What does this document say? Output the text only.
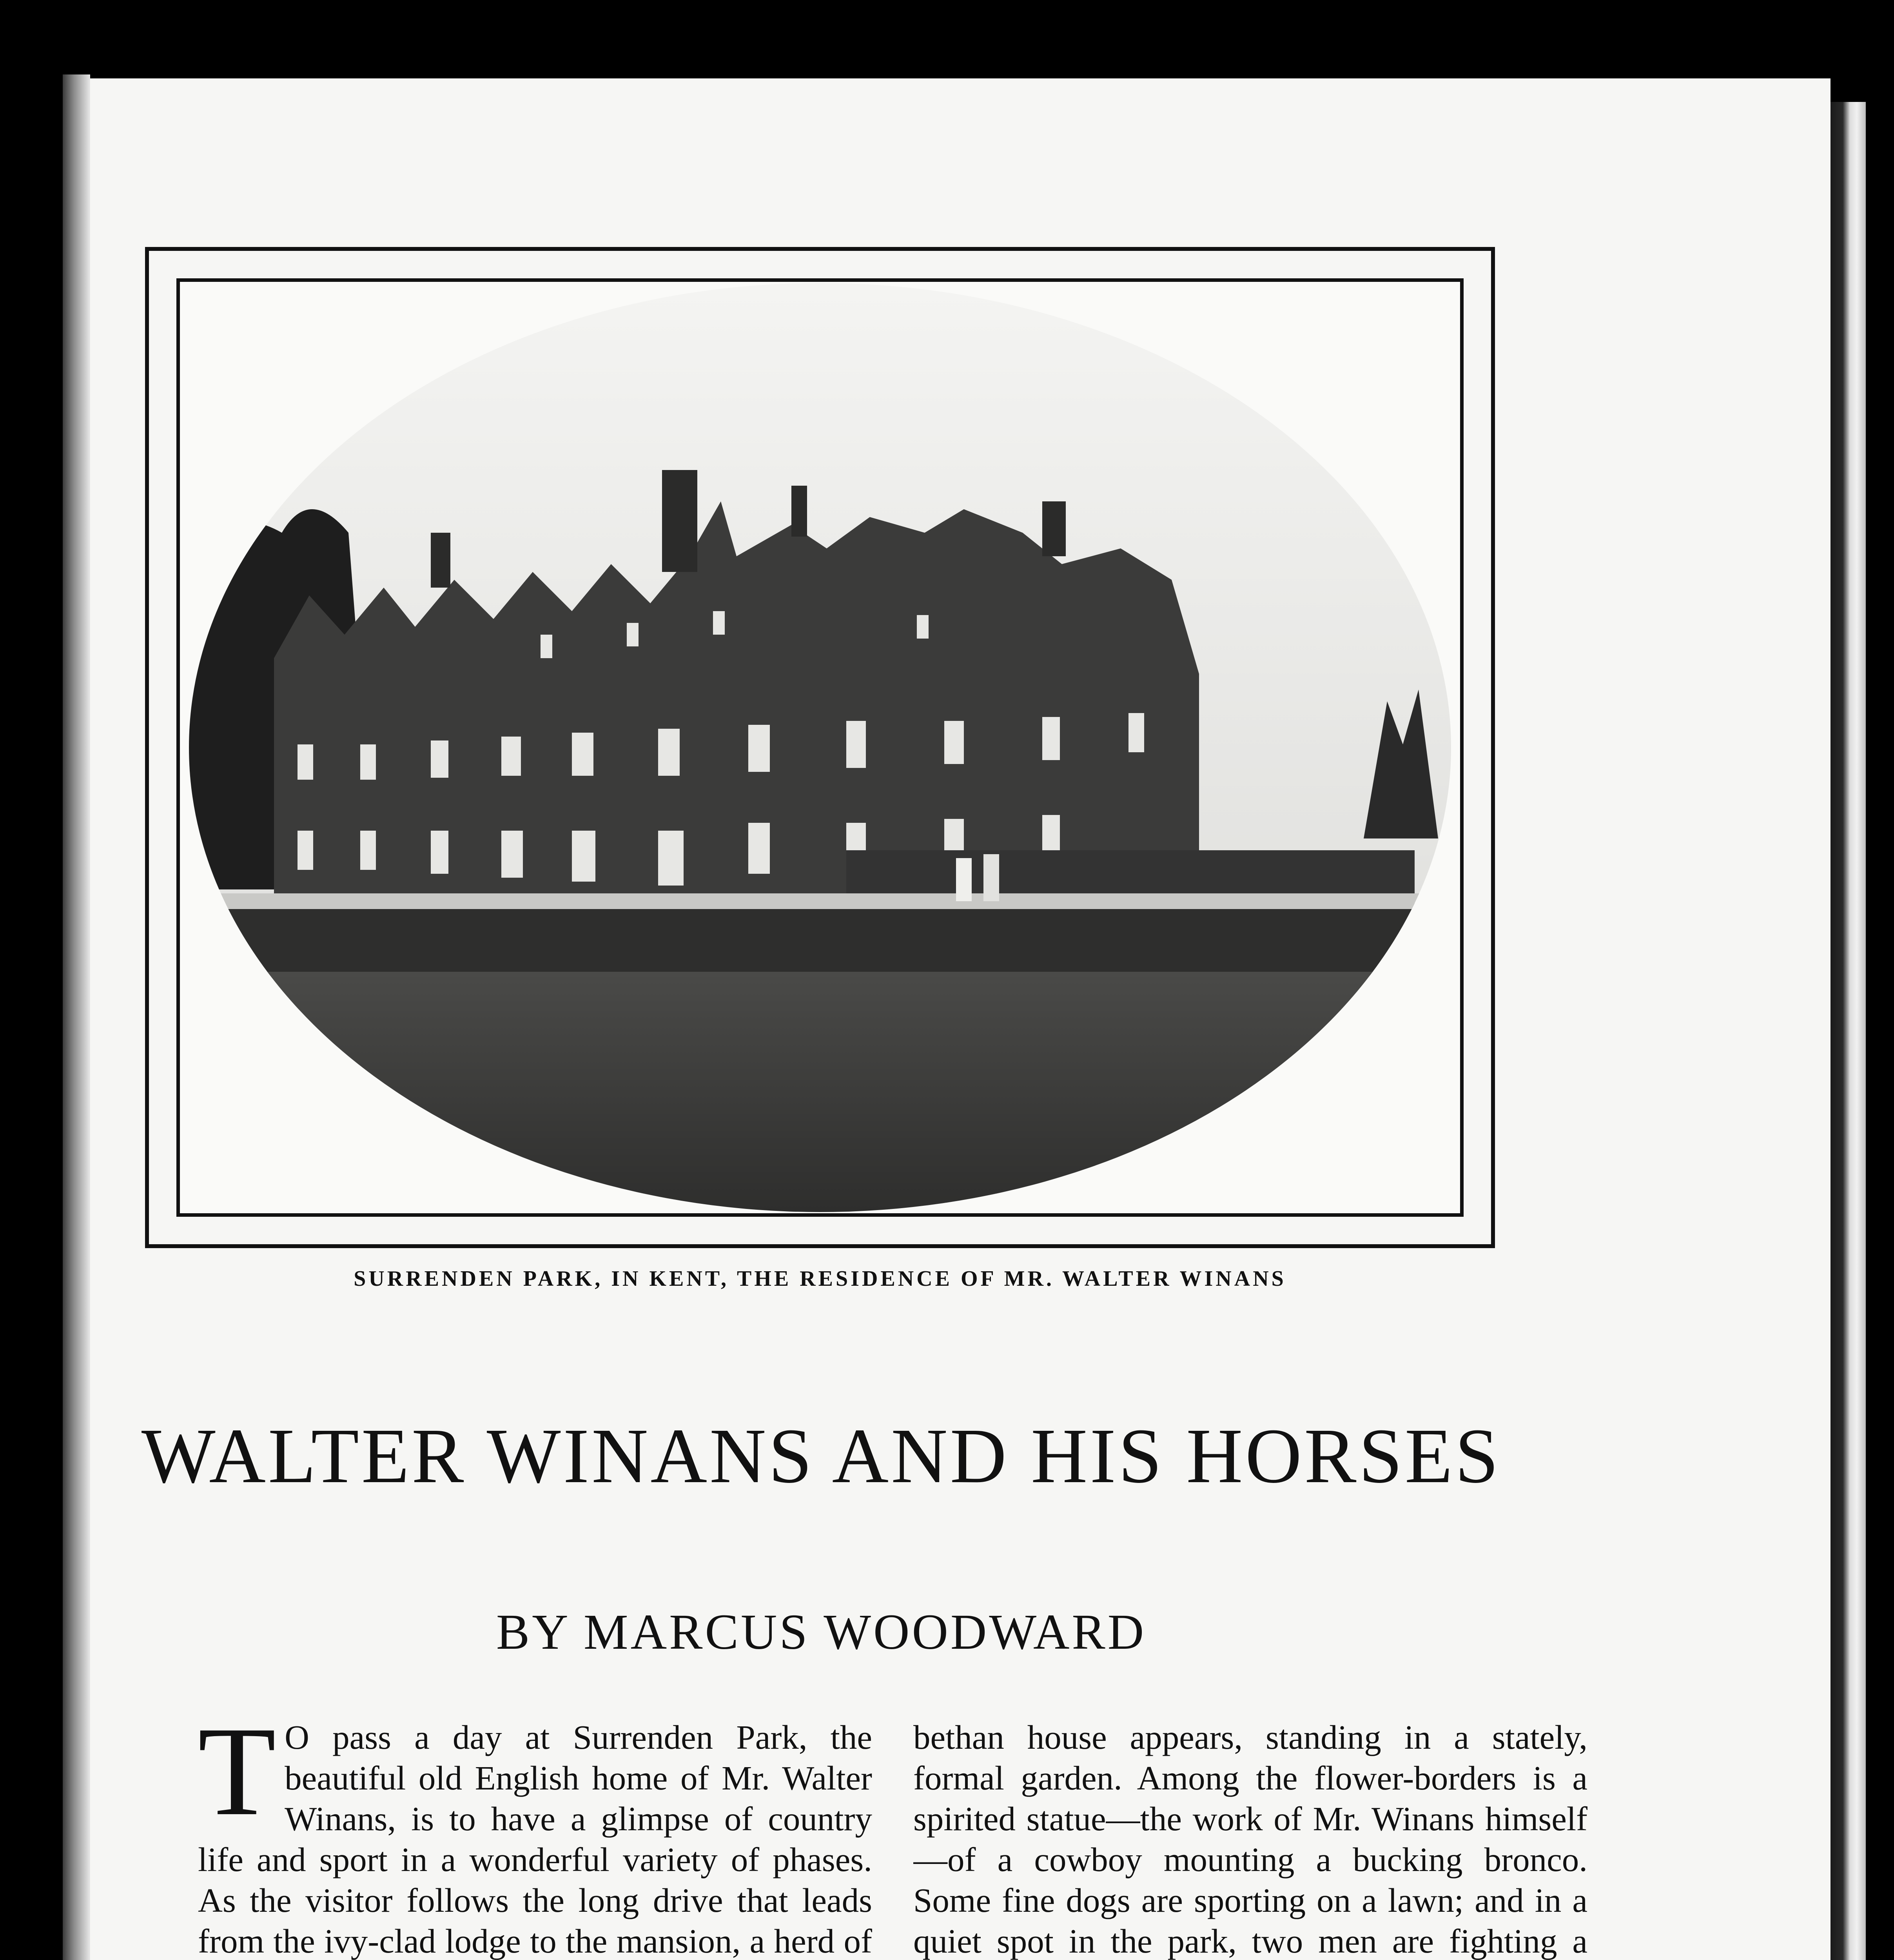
SURRENDEN PARK, IN KENT, THE RESIDENCE OF MR. WALTER WINANS
WALTER WINANS AND HIS HORSES
BY MARCUS WOODWARD

T O pass a day at Surrenden Park, the beautiful old English home of Mr. Walter Winans, is to have a glimpse of country life and sport in a wonderful variety of phases. As the visitor follows the long drive that leads from the ivy-clad lodge to the mansion, a herd of

bethan house appears, standing in a stately, formal garden. Among the flower-borders is a spirited statue—the work of Mr. Winans himself—of a cowboy mounting a bucking bronco. Some fine dogs are sporting on a lawn; and in a quiet spot in the park, two men are fighting a
